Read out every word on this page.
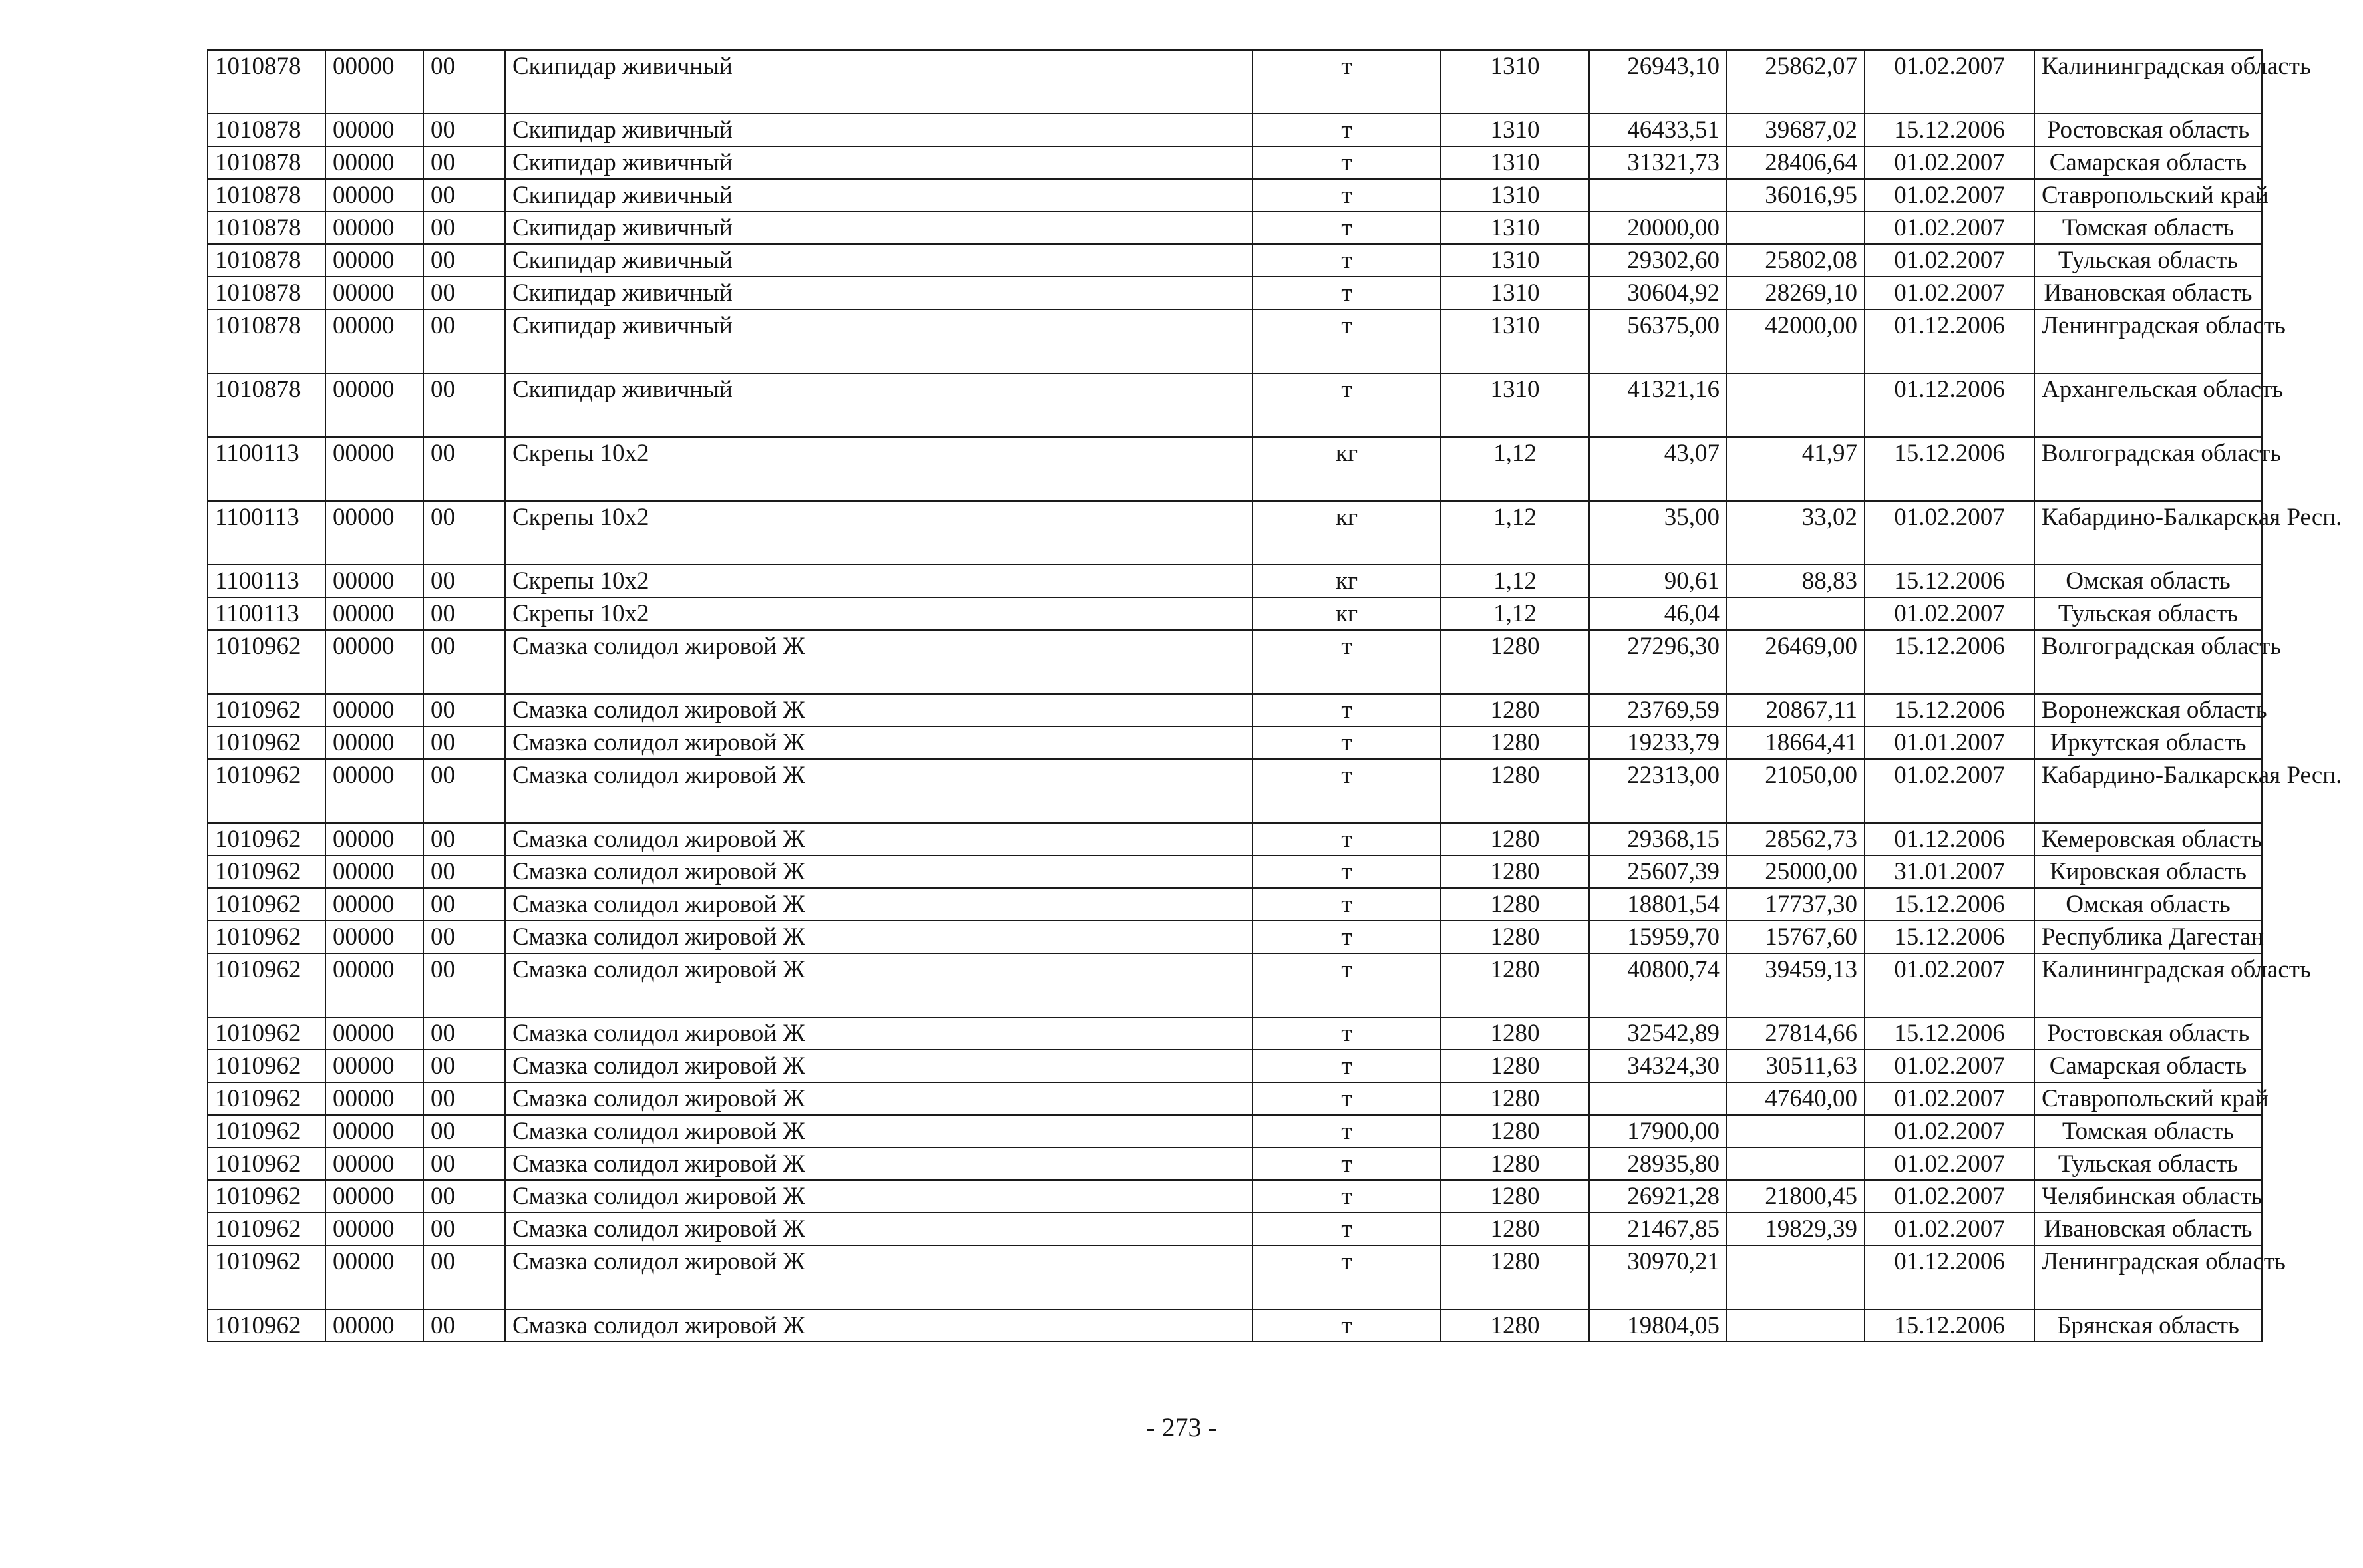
1010878	00000	00	Скипидар живичный	т	1310	26943,10	25862,07	01.02.2007	Калининградская область
1010878	00000	00	Скипидар живичный	т	1310	46433,51	39687,02	15.12.2006	Ростовская область
1010878	00000	00	Скипидар живичный	т	1310	31321,73	28406,64	01.02.2007	Самарская область
1010878	00000	00	Скипидар живичный	т	1310		36016,95	01.02.2007	Ставропольский край
1010878	00000	00	Скипидар живичный	т	1310	20000,00		01.02.2007	Томская область
1010878	00000	00	Скипидар живичный	т	1310	29302,60	25802,08	01.02.2007	Тульская область
1010878	00000	00	Скипидар живичный	т	1310	30604,92	28269,10	01.02.2007	Ивановская область
1010878	00000	00	Скипидар живичный	т	1310	56375,00	42000,00	01.12.2006	Ленинградская область
1010878	00000	00	Скипидар живичный	т	1310	41321,16		01.12.2006	Архангельская область
1100113	00000	00	Скрепы 10х2	кг	1,12	43,07	41,97	15.12.2006	Волгоградская область
1100113	00000	00	Скрепы 10х2	кг	1,12	35,00	33,02	01.02.2007	Кабардино-Балкарская Респ.
1100113	00000	00	Скрепы 10х2	кг	1,12	90,61	88,83	15.12.2006	Омская область
1100113	00000	00	Скрепы 10х2	кг	1,12	46,04		01.02.2007	Тульская область
1010962	00000	00	Смазка солидол жировой Ж	т	1280	27296,30	26469,00	15.12.2006	Волгоградская область
1010962	00000	00	Смазка солидол жировой Ж	т	1280	23769,59	20867,11	15.12.2006	Воронежская область
1010962	00000	00	Смазка солидол жировой Ж	т	1280	19233,79	18664,41	01.01.2007	Иркутская область
1010962	00000	00	Смазка солидол жировой Ж	т	1280	22313,00	21050,00	01.02.2007	Кабардино-Балкарская Респ.
1010962	00000	00	Смазка солидол жировой Ж	т	1280	29368,15	28562,73	01.12.2006	Кемеровская область
1010962	00000	00	Смазка солидол жировой Ж	т	1280	25607,39	25000,00	31.01.2007	Кировская область
1010962	00000	00	Смазка солидол жировой Ж	т	1280	18801,54	17737,30	15.12.2006	Омская область
1010962	00000	00	Смазка солидол жировой Ж	т	1280	15959,70	15767,60	15.12.2006	Республика Дагестан
1010962	00000	00	Смазка солидол жировой Ж	т	1280	40800,74	39459,13	01.02.2007	Калининградская область
1010962	00000	00	Смазка солидол жировой Ж	т	1280	32542,89	27814,66	15.12.2006	Ростовская область
1010962	00000	00	Смазка солидол жировой Ж	т	1280	34324,30	30511,63	01.02.2007	Самарская область
1010962	00000	00	Смазка солидол жировой Ж	т	1280		47640,00	01.02.2007	Ставропольский край
1010962	00000	00	Смазка солидол жировой Ж	т	1280	17900,00		01.02.2007	Томская область
1010962	00000	00	Смазка солидол жировой Ж	т	1280	28935,80		01.02.2007	Тульская область
1010962	00000	00	Смазка солидол жировой Ж	т	1280	26921,28	21800,45	01.02.2007	Челябинская область
1010962	00000	00	Смазка солидол жировой Ж	т	1280	21467,85	19829,39	01.02.2007	Ивановская область
1010962	00000	00	Смазка солидол жировой Ж	т	1280	30970,21		01.12.2006	Ленинградская область
1010962	00000	00	Смазка солидол жировой Ж	т	1280	19804,05		15.12.2006	Брянская область
- 273 -
